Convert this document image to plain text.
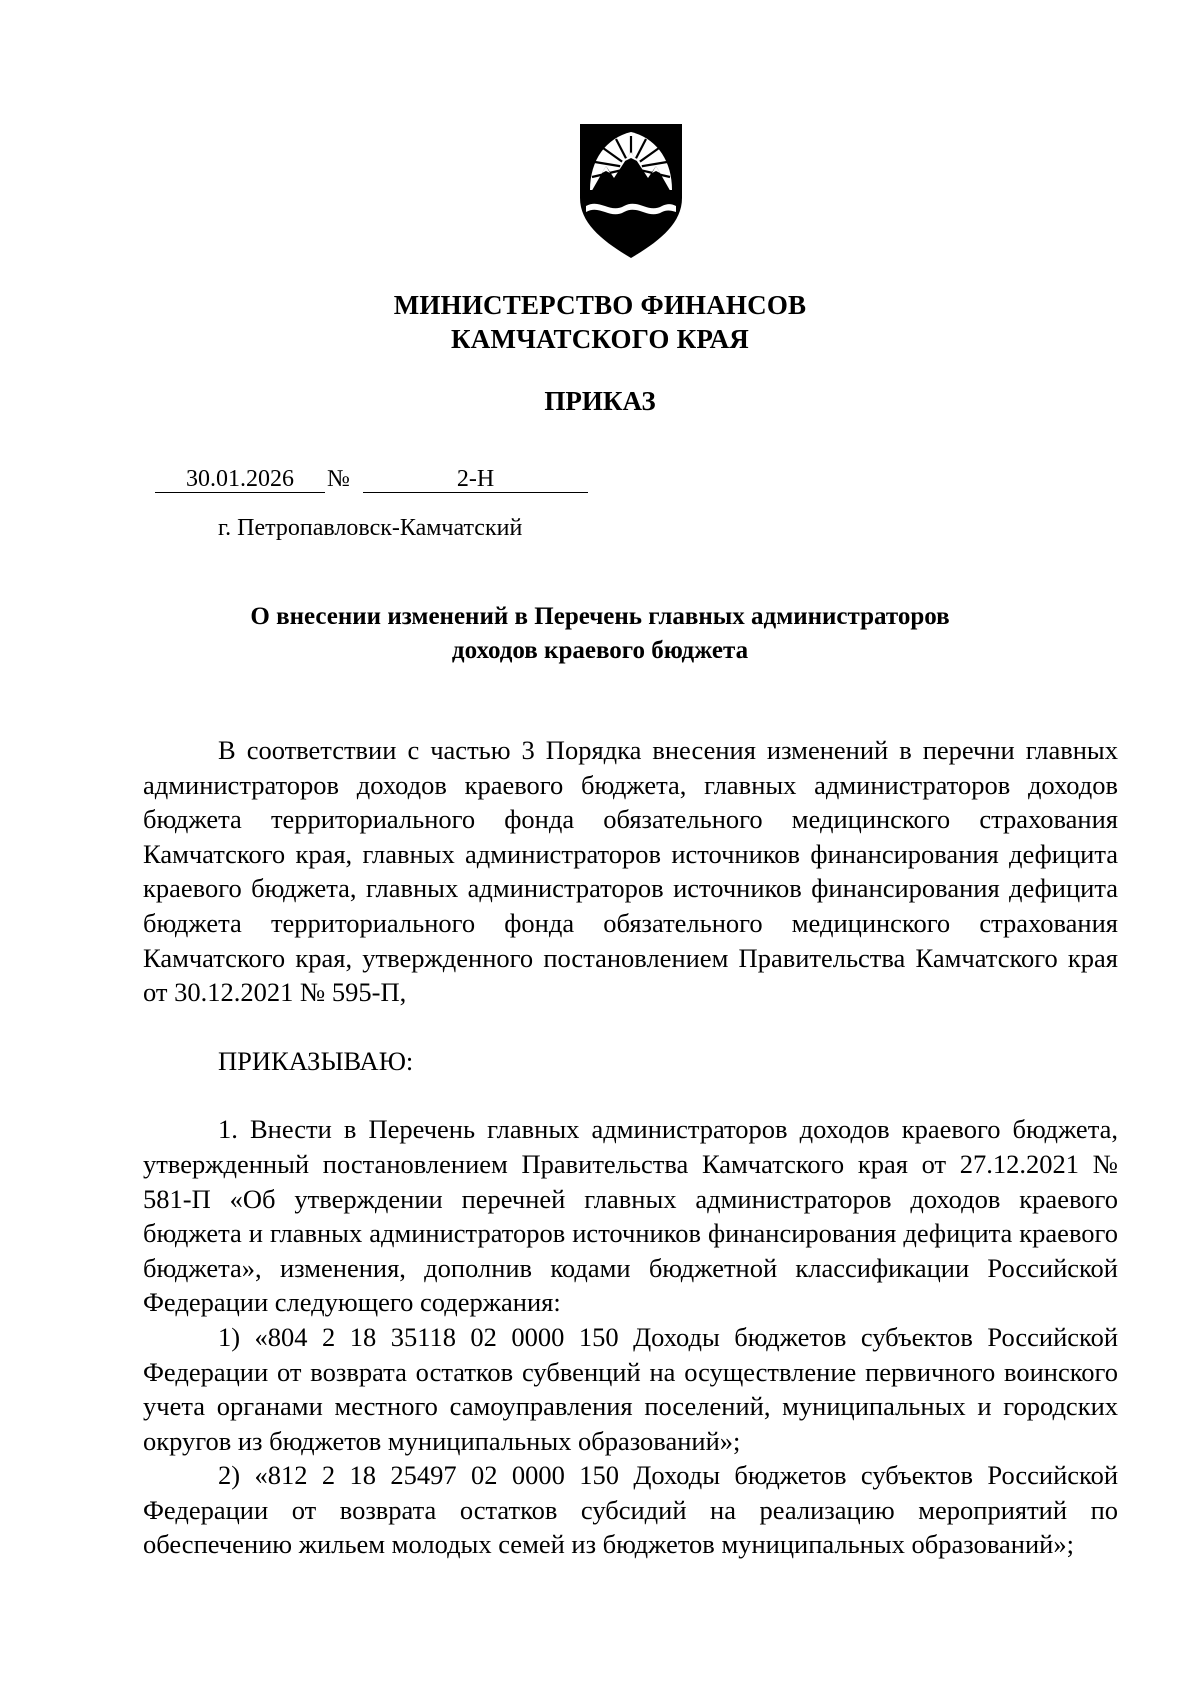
МИНИСТЕРСТВО ФИНАНСОВ
КАМЧАТСКОГО КРАЯ
ПРИКАЗ
30.01.2026	№	2-Н
г. Петропавловск-Камчатский
О внесении изменений в Перечень главных администраторов
доходов краевого бюджета

В соответствии с частью 3 Порядка внесения изменений в перечни главных администраторов доходов краевого бюджета, главных администраторов доходов бюджета территориального фонда обязательного медицинского страхования Камчатского края, главных администраторов источников финансирования дефицита краевого бюджета, главных администраторов источников финансирования дефицита бюджета территориального фонда обязательного медицинского страхования Камчатского края, утвержденного постановлением Правительства Камчатского края от 30.12.2021 № 595-П,

ПРИКАЗЫВАЮ:

1. Внести в Перечень главных администраторов доходов краевого бюджета, утвержденный постановлением Правительства Камчатского края от 27.12.2021 № 581-П «Об утверждении перечней главных администраторов доходов краевого бюджета и главных администраторов источников финансирования дефицита краевого бюджета», изменения, дополнив кодами бюджетной классификации Российской Федерации следующего содержания:

1) «804 2 18 35118 02 0000 150 Доходы бюджетов субъектов Российской Федерации от возврата остатков субвенций на осуществление первичного воинского учета органами местного самоуправления поселений, муниципальных и городских округов из бюджетов муниципальных образований»;

2) «812 2 18 25497 02 0000 150 Доходы бюджетов субъектов Российской Федерации от возврата остатков субсидий на реализацию мероприятий по обеспечению жильем молодых семей из бюджетов муниципальных образований»;
